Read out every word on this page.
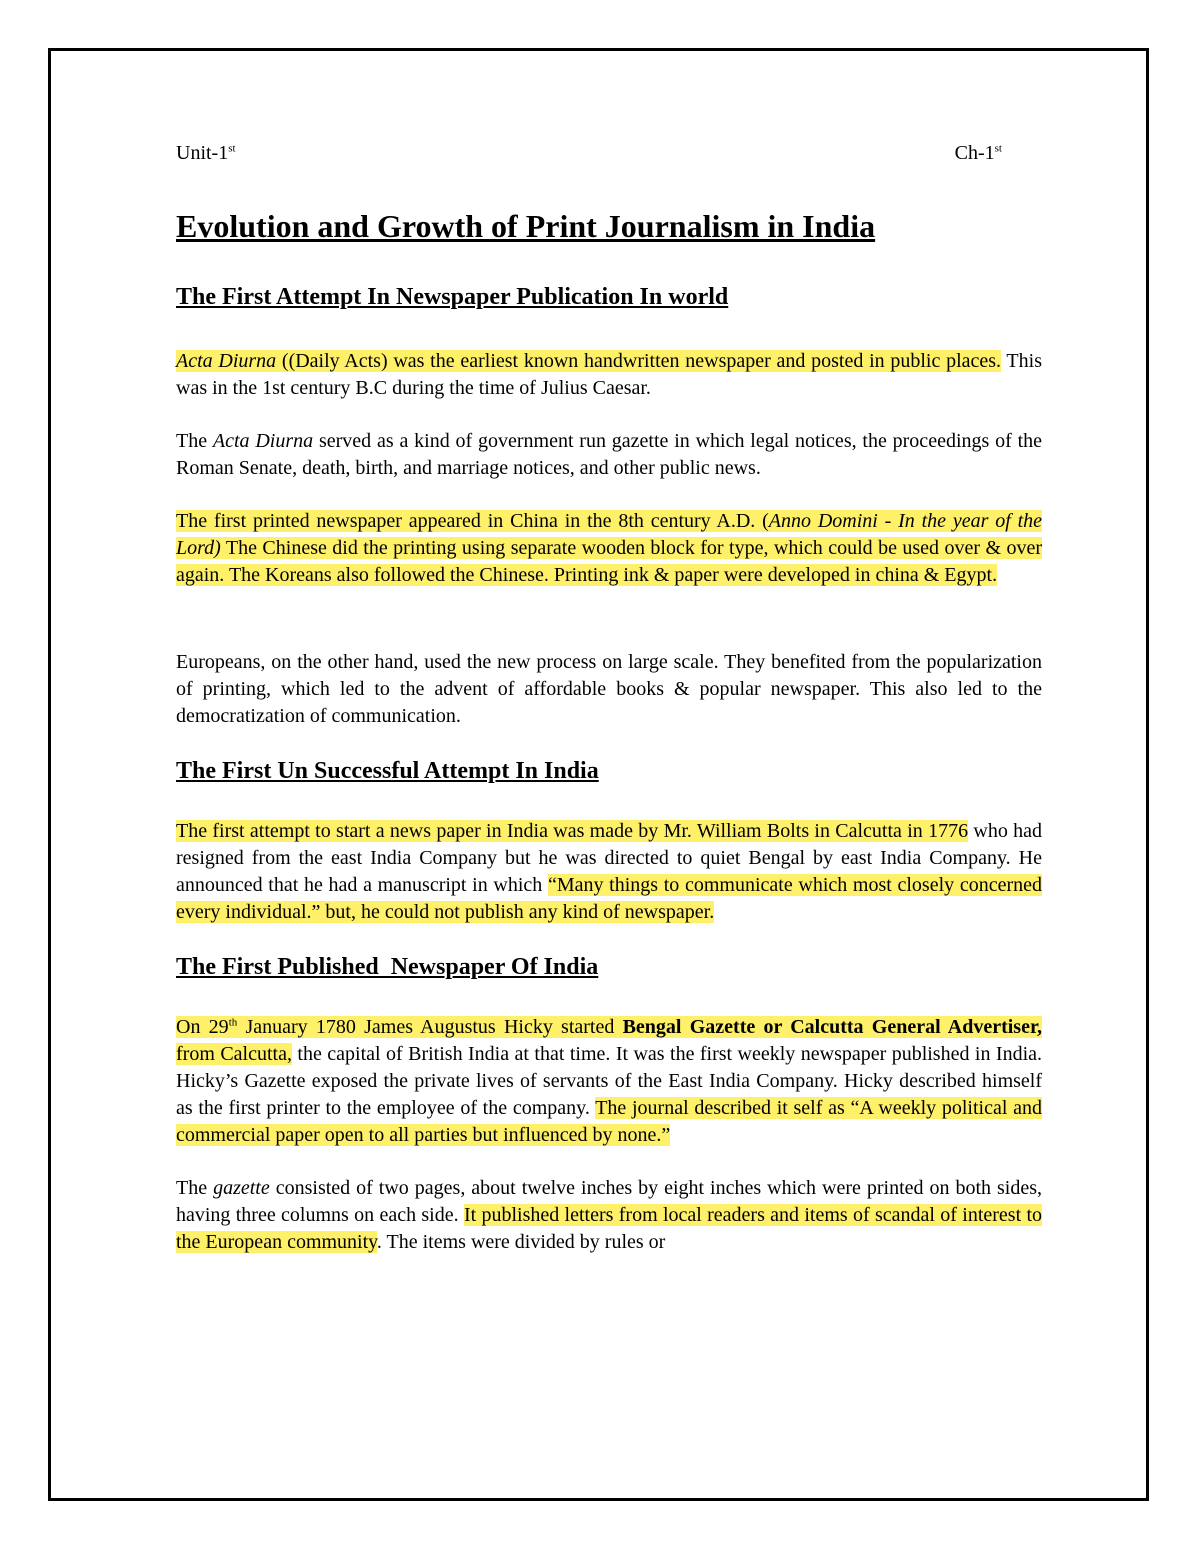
Unit-1st	Ch-1st
Evolution and Growth of Print Journalism in India
The First Attempt In Newspaper Publication In world

Acta Diurna ((Daily Acts) was the earliest known handwritten newspaper and posted in public places. This was in the 1st century B.C during the time of Julius Caesar.

The Acta Diurna served as a kind of government run gazette in which legal notices, the proceedings of the Roman Senate, death, birth, and marriage notices, and other public news.

The first printed newspaper appeared in China in the 8th century A.D. (Anno Domini - In the year of the Lord) The Chinese did the printing using separate wooden block for type, which could be used over & over again. The Koreans also followed the Chinese. Printing ink & paper were developed in china & Egypt.

Europeans, on the other hand, used the new process on large scale. They benefited from the popularization of printing, which led to the advent of affordable books & popular newspaper. This also led to the democratization of communication.

The First Un Successful Attempt In India

The first attempt to start a news paper in India was made by Mr. William Bolts in Calcutta in 1776 who had resigned from the east India Company but he was directed to quiet Bengal by east India Company. He announced that he had a manuscript in which “Many things to communicate which most closely concerned every individual.” but, he could not publish any kind of newspaper.

The First Published  Newspaper Of India

On 29th January 1780 James Augustus Hicky started Bengal Gazette or Calcutta General Advertiser, from Calcutta, the capital of British India at that time. It was the first weekly newspaper published in India. Hicky’s Gazette exposed the private lives of servants of the East India Company. Hicky described himself as the first printer to the employee of the company. The journal described it self as “A weekly political and commercial paper open to all parties but influenced by none.”

The gazette consisted of two pages, about twelve inches by eight inches which were printed on both sides, having three columns on each side. It published letters from local readers and items of scandal of interest to the European community. The items were divided by rules or
